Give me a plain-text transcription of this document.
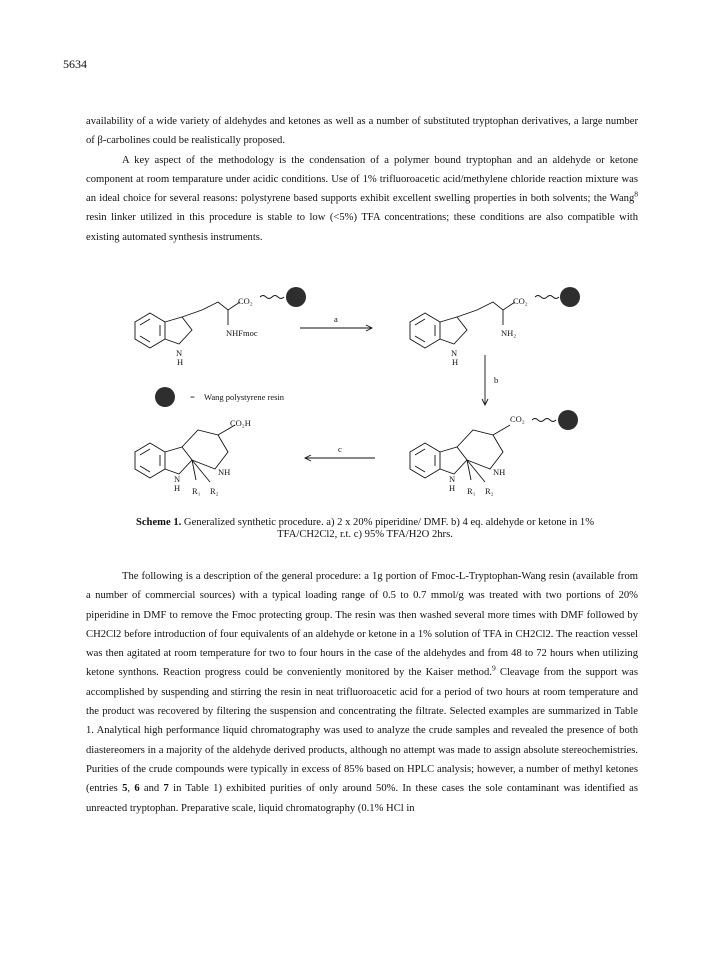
5634

availability of a wide variety of aldehydes and ketones as well as a number of substituted tryptophan derivatives, a large number of β-carbolines could be realistically proposed.

A key aspect of the methodology is the condensation of a polymer bound tryptophan and an aldehyde or ketone component at room temparature under acidic conditions. Use of 1% trifluoroacetic acid/methylene chloride reaction mixture was an ideal choice for several reasons: polystyrene based supports exhibit excellent swelling properties in both solvents; the Wang$^8$ resin linker utilized in this procedure is stable to low (<5%) TFA concentrations; these conditions are also compatible with existing automated synthesis instruments.

CO₂
NHFmoc
N
H
CO₂
NH₂
N
H
CO₂H
NH
N
H R₁ R₂
CO₂
NH
N
H R₁ R₂
a
b
c
= Wang polystyrene resin
Scheme 1. Generalized synthetic procedure. a) 2 x 20% piperidine/ DMF. b) 4 eq. aldehyde or ketone in 1%
TFA/CH2Cl2, r.t. c) 95% TFA/H2O 2hrs.

The following is a description of the general procedure: a 1g portion of Fmoc-L-Tryptophan-Wang resin (available from a number of commercial sources) with a typical loading range of 0.5 to 0.7 mmol/g was treated with two portions of 20% piperidine in DMF to remove the Fmoc protecting group. The resin was then washed several more times with DMF followed by CH2Cl2 before introduction of four equivalents of an aldehyde or ketone in a 1% solution of TFA in CH2Cl2. The reaction vessel was then agitated at room temperature for two to four hours in the case of the aldehydes and from 48 to 72 hours when utilizing ketone synthons. Reaction progress could be conveniently monitored by the Kaiser method.$^9$ Cleavage from the support was accomplished by suspending and stirring the resin in neat trifluoroacetic acid for a period of two hours at room temperature and the product was recovered by filtering the suspension and concentrating the filtrate. Selected examples are summarized in Table 1. Analytical high performance liquid chromatography was used to analyze the crude samples and revealed the presence of both diastereomers in a majority of the aldehyde derived products, although no attempt was made to assign absolute stereochemistries. Purities of the crude compounds were typically in excess of 85% based on HPLC analysis; however, a number of methyl ketones (entries 5, 6 and 7 in Table 1) exhibited purities of only around 50%. In these cases the sole contaminant was identified as unreacted tryptophan. Preparative scale, liquid chromatography (0.1% HCl in
